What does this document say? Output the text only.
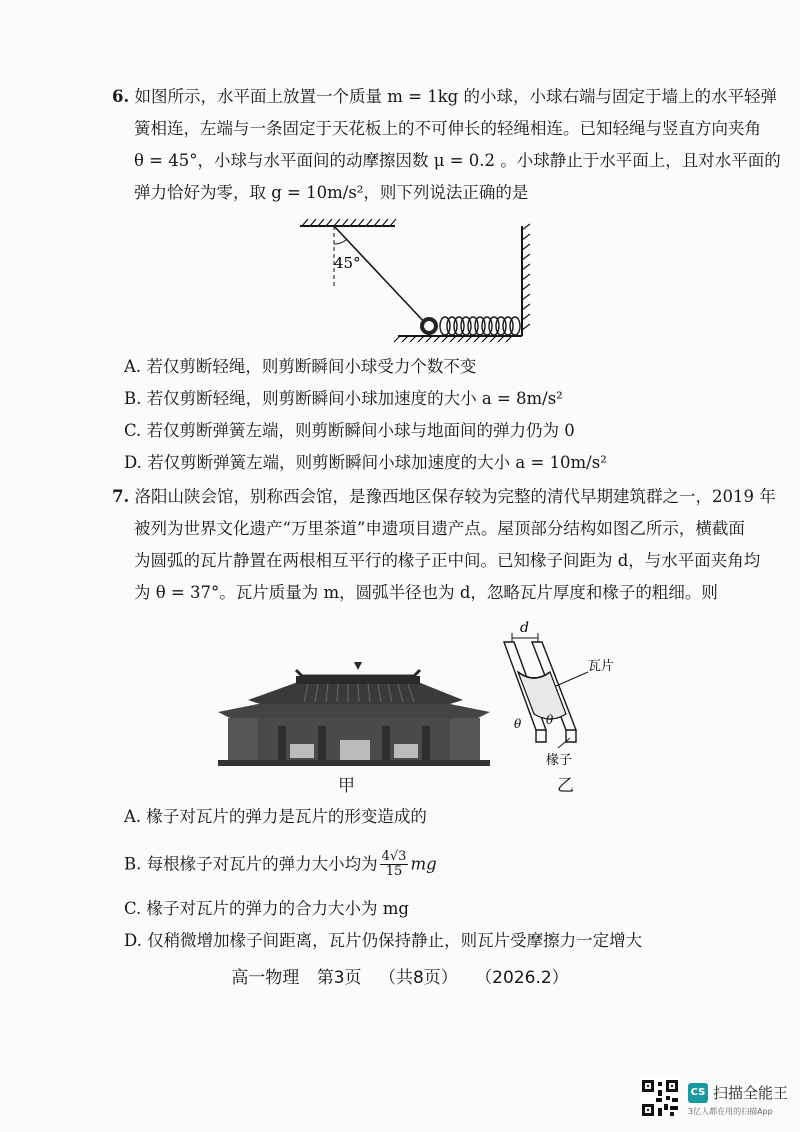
6. 如图所示，水平面上放置一个质量 m = 1kg 的小球，小球右端与固定于墙上的水平轻弹
簧相连，左端与一条固定于天花板上的不可伸长的轻绳相连。已知轻绳与竖直方向夹角
θ = 45°，小球与水平面间的动摩擦因数 μ = 0.2 。小球静止于水平面上，且对水平面的
弹力恰好为零，取 g = 10m/s²，则下列说法正确的是
45°
A. 若仅剪断轻绳，则剪断瞬间小球受力个数不变
B. 若仅剪断轻绳，则剪断瞬间小球加速度的大小 a = 8m/s²
C. 若仅剪断弹簧左端，则剪断瞬间小球与地面间的弹力仍为 0
D. 若仅剪断弹簧左端，则剪断瞬间小球加速度的大小 a = 10m/s²
7. 洛阳山陕会馆，别称西会馆，是豫西地区保存较为完整的清代早期建筑群之一，2019 年
被列为世界文化遗产“万里茶道”申遗项目遗产点。屋顶部分结构如图乙所示，横截面
为圆弧的瓦片静置在两根相互平行的椽子正中间。已知椽子间距为 d，与水平面夹角均
为 θ = 37°。瓦片质量为 m，圆弧半径也为 d，忽略瓦片厚度和椽子的粗细。则
甲
d
瓦片
θ θ
椽子
乙
A. 椽子对瓦片的弹力是瓦片的形变造成的
B. 每根椽子对瓦片的弹力大小均为 $\frac{4√3}{15}$ mg
C. 椽子对瓦片的弹力的合力大小为 mg
D. 仅稍微增加椽子间距离，瓦片仍保持静止，则瓦片受摩擦力一定增大
高一物理 第3页 （共8页） （2026.2）
CS 扫描全能王
3亿人都在用的扫描App
